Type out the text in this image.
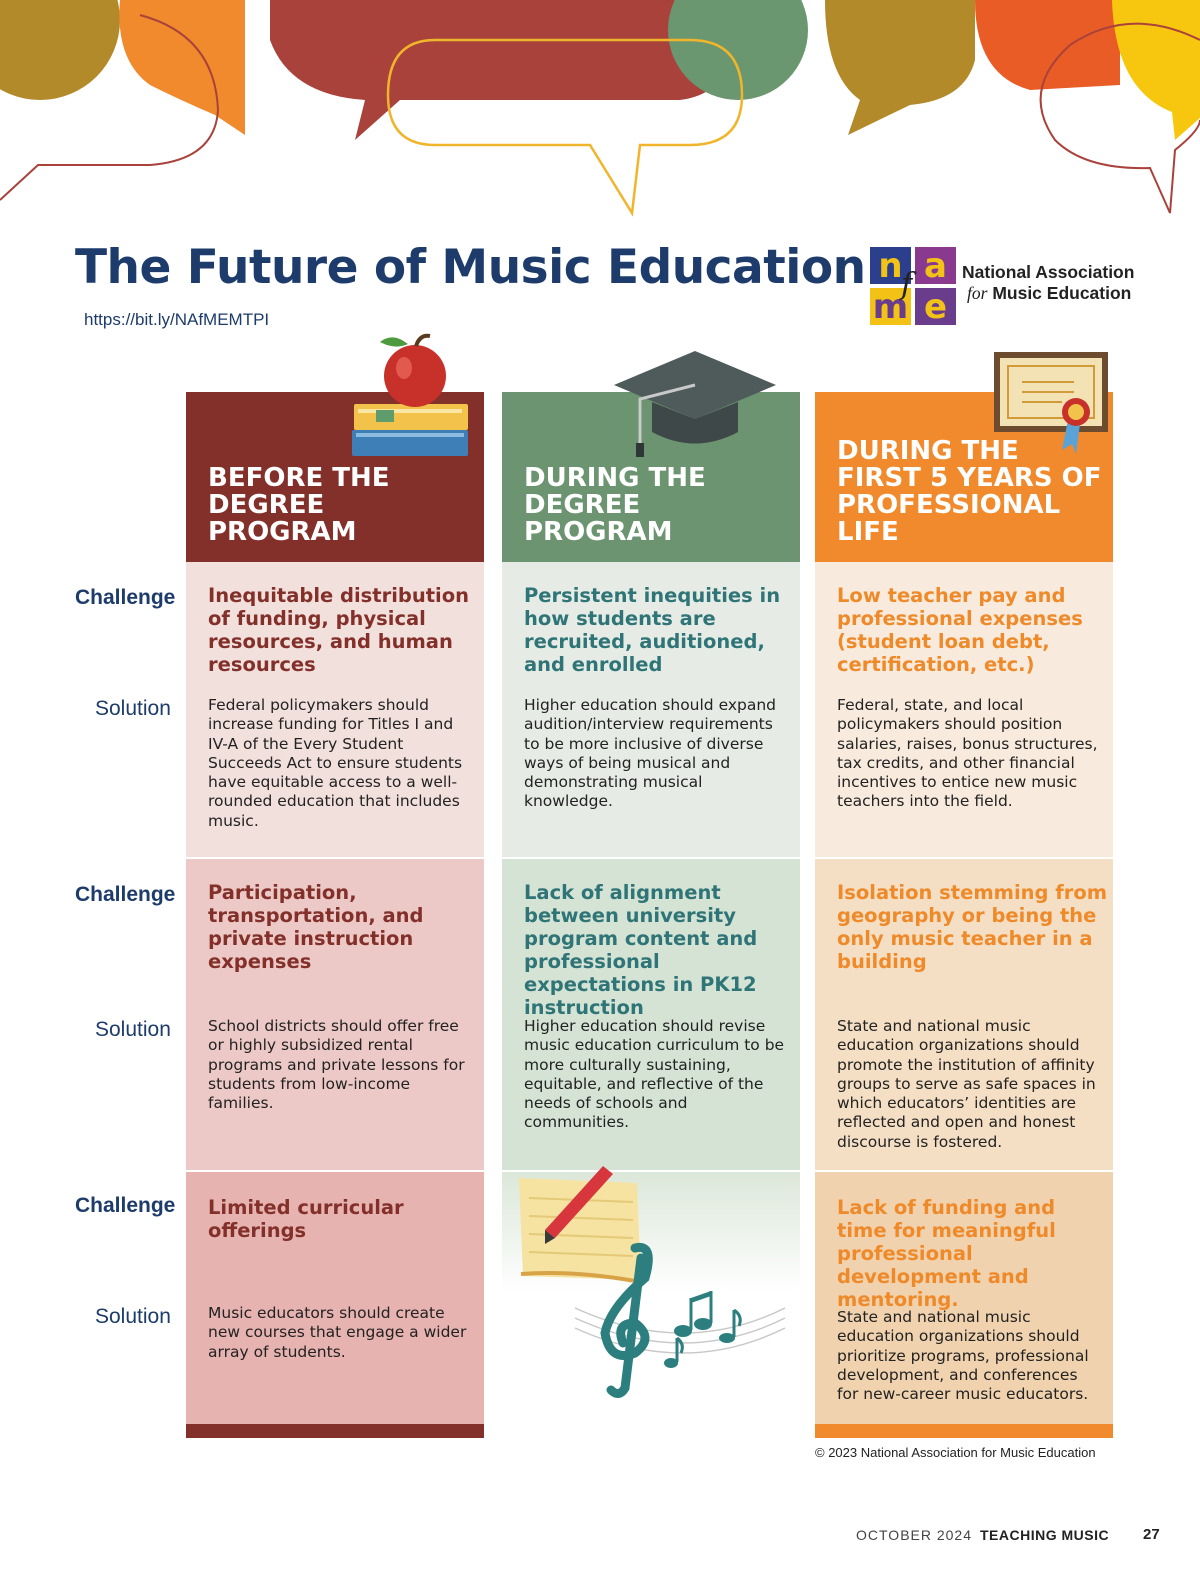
The Future of Music Education
https://bit.ly/NAfMEMTPI
n a
m e
f	National Association
for Music Education
Challenge
Solution
Challenge
Solution
Challenge
Solution
BEFORE THE DEGREE PROGRAM
Inequitable distribution of funding, physical resources, and human resources
Federal policymakers should increase funding for Titles I and IV-A of the Every Student Succeeds Act to ensure students have equitable access to a well-rounded education that includes music.
Participation, transportation, and private instruction expenses
School districts should offer free or highly subsidized rental programs and private lessons for students from low-income families.
Limited curricular offerings
Music educators should create new courses that engage a wider array of students.
DURING THE DEGREE PROGRAM
Persistent inequities in how students are recruited, auditioned, and enrolled
Higher education should expand audition/interview requirements to be more inclusive of diverse ways of being musical and demonstrating musical knowledge.
Lack of alignment between university program content and professional expectations in PK12 instruction
Higher education should revise music education curriculum to be more culturally sustaining, equitable, and reflective of the needs of schools and communities.
DURING THE FIRST 5 YEARS OF PROFESSIONAL LIFE
Low teacher pay and professional expenses (student loan debt, certification, etc.)
Federal, state, and local policymakers should position salaries, raises, bonus structures, tax credits, and other financial incentives to entice new music teachers into the field.
Isolation stemming from geography or being the only music teacher in a building
State and national music education organizations should promote the institution of affinity groups to serve as safe spaces in which educators’ identities are reflected and open and honest discourse is fostered.
Lack of funding and time for meaningful professional development and mentoring.
State and national music education organizations should prioritize programs, professional development, and conferences for new-career music educators.
© 2023 National Association for Music Education
OCTOBER 2024 TEACHING MUSIC 27
